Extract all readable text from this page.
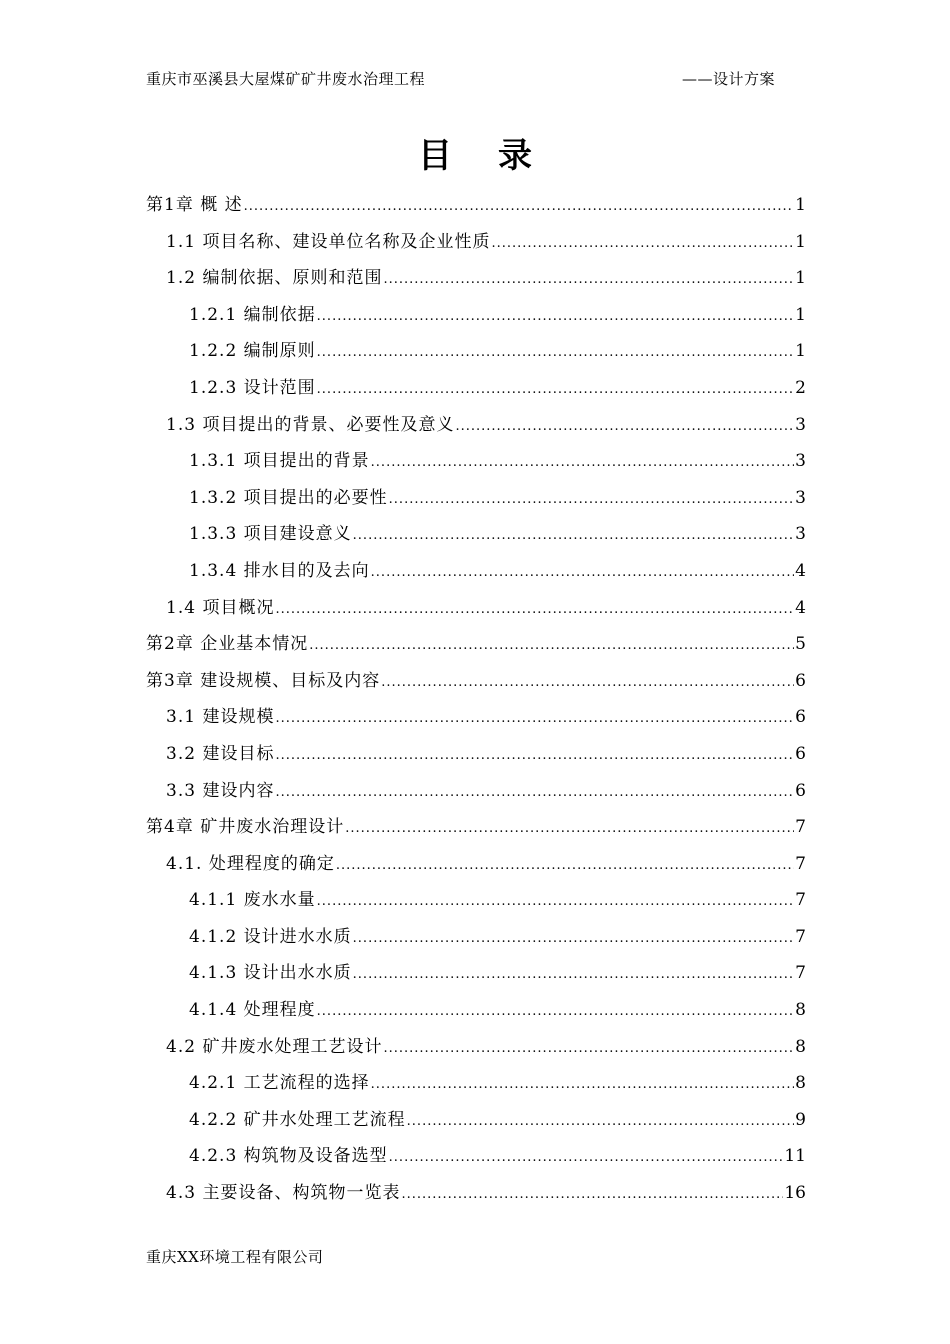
重庆市巫溪县大屋煤矿矿井废水治理工程	——设计方案
目录
第1章 概 述 .....	1
1.1 项目名称、建设单位名称及企业性质 .....	1
1.2 编制依据、原则和范围 .....	1
1.2.1 编制依据 .....	1
1.2.2 编制原则 .....	1
1.2.3 设计范围 .....	2
1.3 项目提出的背景、必要性及意义 .....	3
1.3.1 项目提出的背景 .....	3
1.3.2 项目提出的必要性 .....	3
1.3.3 项目建设意义 .....	3
1.3.4 排水目的及去向 .....	4
1.4 项目概况 .....	4
第2章 企业基本情况 .....	5
第3章 建设规模、目标及内容 .....	6
3.1 建设规模 .....	6
3.2 建设目标 .....	6
3.3 建设内容 .....	6
第4章 矿井废水治理设计 .....	7
4.1. 处理程度的确定 .....	7
4.1.1 废水水量 .....	7
4.1.2 设计进水水质 .....	7
4.1.3 设计出水水质 .....	7
4.1.4 处理程度 .....	8
4.2 矿井废水处理工艺设计 .....	8
4.2.1 工艺流程的选择 .....	8
4.2.2 矿井水处理工艺流程 .....	9
4.2.3 构筑物及设备选型 .....	11
4.3 主要设备、构筑物一览表 .....	16
重庆XX环境工程有限公司
